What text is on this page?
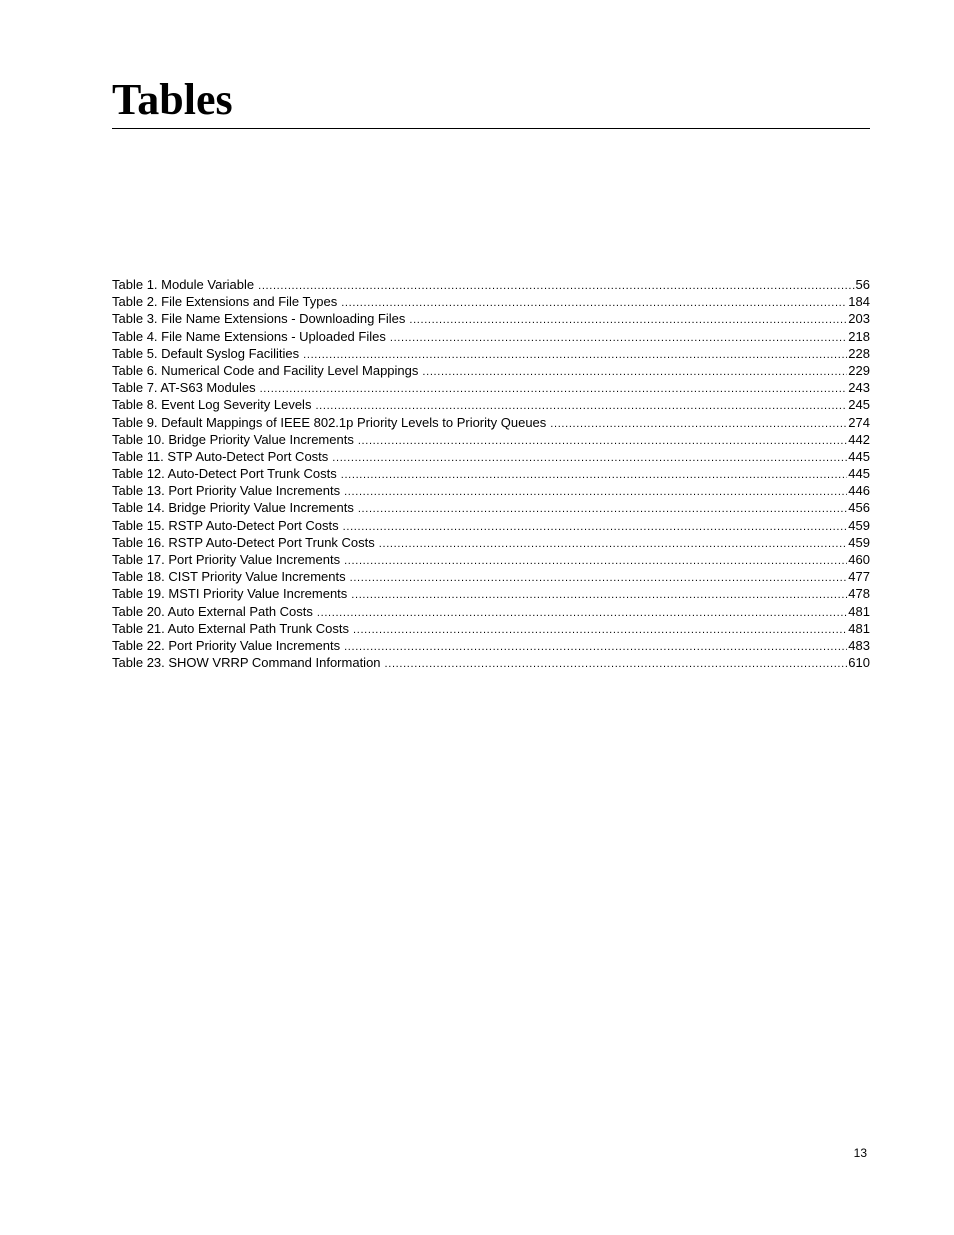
Tables
Table 1. Module Variable . . .	56
Table 2. File Extensions and File Types . . .	184
Table 3. File Name Extensions - Downloading Files . . .	203
Table 4. File Name Extensions - Uploaded Files . . .	218
Table 5. Default Syslog Facilities . . .	228
Table 6. Numerical Code and Facility Level Mappings . . .	229
Table 7. AT-S63 Modules . . .	243
Table 8. Event Log Severity Levels . . .	245
Table 9. Default Mappings of IEEE 802.1p Priority Levels to Priority Queues . . .	274
Table 10. Bridge Priority Value Increments . . .	442
Table 11. STP Auto-Detect Port Costs . . .	445
Table 12. Auto-Detect Port Trunk Costs . . .	445
Table 13. Port Priority Value Increments . . .	446
Table 14. Bridge Priority Value Increments . . .	456
Table 15. RSTP Auto-Detect Port Costs . . .	459
Table 16. RSTP Auto-Detect Port Trunk Costs . . .	459
Table 17. Port Priority Value Increments . . .	460
Table 18. CIST Priority Value Increments . . .	477
Table 19. MSTI Priority Value Increments . . .	478
Table 20. Auto External Path Costs . . .	481
Table 21. Auto External Path Trunk Costs . . .	481
Table 22. Port Priority Value Increments . . .	483
Table 23. SHOW VRRP Command Information . . .	610
13
